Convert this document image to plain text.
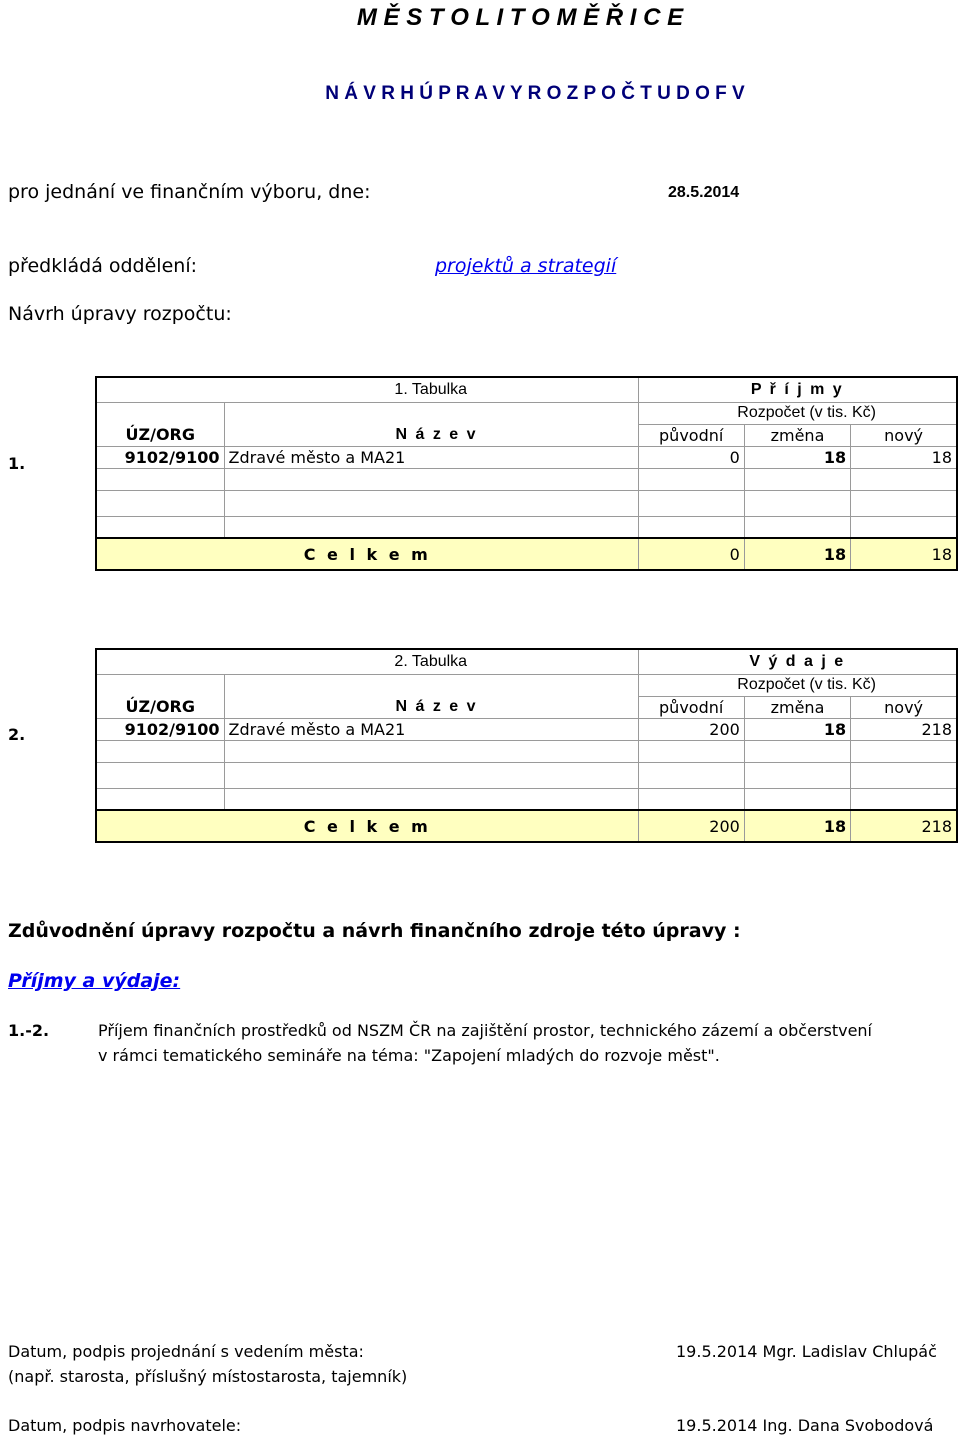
M Ě S T O L I T O M Ě Ř I C E
N Á V R H Ú P R A V Y R O Z P O Č T U D O F V
pro jednání ve finančním výboru, dne:	28.5.2014
předkládá oddělení:	projektů a strategií
Návrh úpravy rozpočtu:
1.
	1. Tabulka	P ř í j m y		
		Rozpočet (v tis. Kč)		
ÚZ/ORG	N á z e v	původní	změna	nový
9102/9100	Zdravé město a MA21	0	18	18

C e l k e m		0	18	18
2.
	2. Tabulka	V ý d a j e		
		Rozpočet (v tis. Kč)		
ÚZ/ORG	N á z e v	původní	změna	nový
9102/9100	Zdravé město a MA21	200	18	218

C e l k e m		200	18	218
Zdůvodnění úpravy rozpočtu a návrh finančního zdroje této úpravy :
Příjmy a výdaje:
1.-2.	Příjem finančních prostředků od NSZM ČR na zajištění prostor, technického zázemí a občerstvení
v rámci tematického semináře na téma: "Zapojení mladých do rozvoje měst".
Datum, podpis projednání s vedením města:	19.5.2014 Mgr. Ladislav Chlupáč
(např. starosta, příslušný místostarosta, tajemník)
Datum, podpis navrhovatele:	19.5.2014 Ing. Dana Svobodová
